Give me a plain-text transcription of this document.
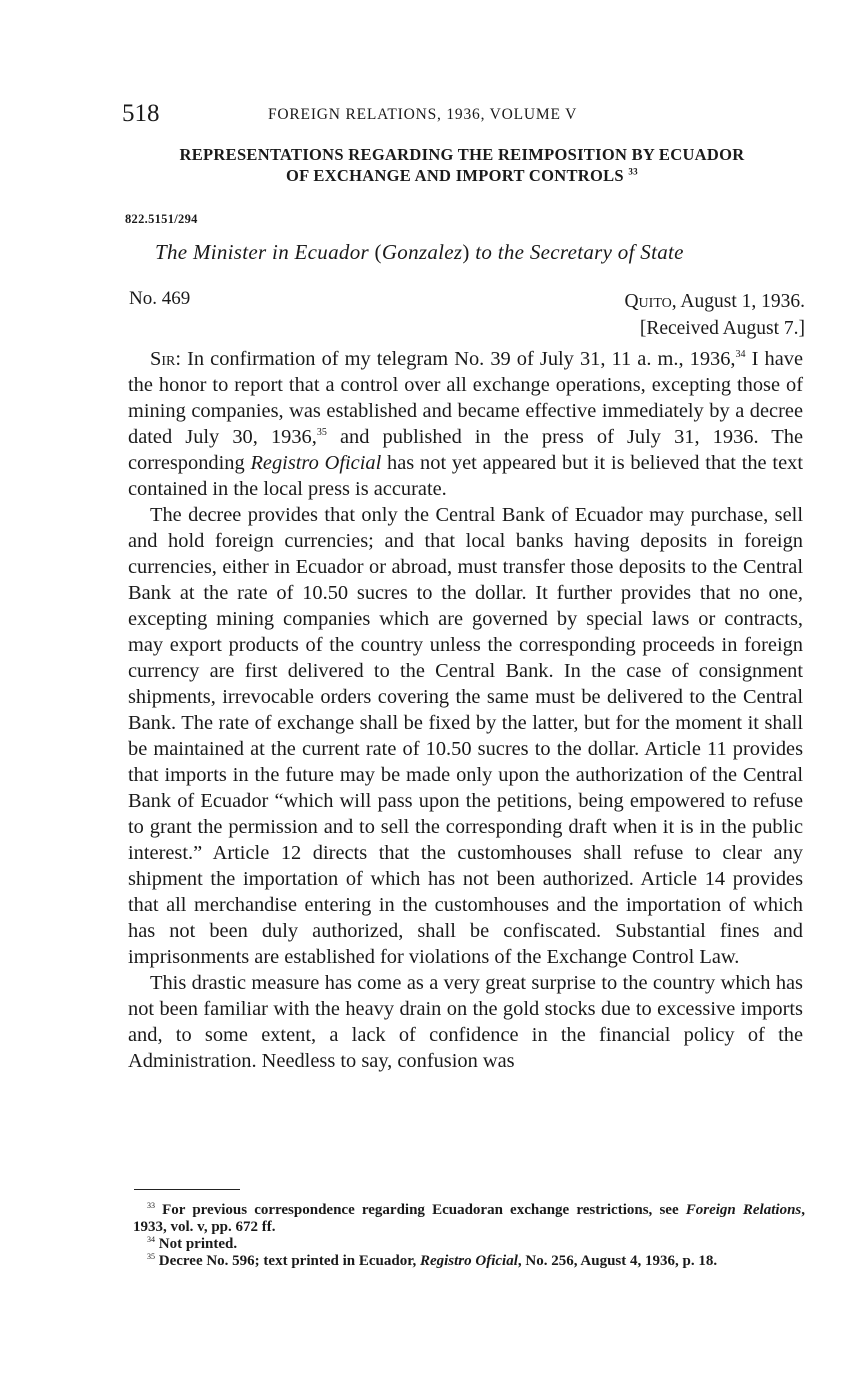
518	FOREIGN RELATIONS, 1936, VOLUME V
REPRESENTATIONS REGARDING THE REIMPOSITION BY ECUADOR
OF EXCHANGE AND IMPORT CONTROLS $^{33}$
822.5151/294
The Minister in Ecuador (Gonzalez) to the Secretary of State
No. 469	Quito, August 1, 1936.
[Received August 7.]

Sir: In confirmation of my telegram No. 39 of July 31, 11 a. m., 1936,34 I have the honor to report that a control over all exchange operations, excepting those of mining companies, was established and became effective immediately by a decree dated July 30, 1936,35 and published in the press of July 31, 1936. The corresponding Registro Oficial has not yet appeared but it is believed that the text contained in the local press is accurate.

The decree provides that only the Central Bank of Ecuador may purchase, sell and hold foreign currencies; and that local banks having deposits in foreign currencies, either in Ecuador or abroad, must transfer those deposits to the Central Bank at the rate of 10.50 sucres to the dollar. It further provides that no one, excepting mining companies which are governed by special laws or contracts, may export products of the country unless the corresponding proceeds in foreign currency are first delivered to the Central Bank. In the case of consignment shipments, irrevocable orders covering the same must be delivered to the Central Bank. The rate of exchange shall be fixed by the latter, but for the moment it shall be maintained at the current rate of 10.50 sucres to the dollar. Article 11 provides that imports in the future may be made only upon the authorization of the Central Bank of Ecuador “which will pass upon the petitions, being empowered to refuse to grant the permission and to sell the corresponding draft when it is in the public interest.” Article 12 directs that the customhouses shall refuse to clear any shipment the importation of which has not been authorized. Article 14 provides that all merchandise entering in the customhouses and the importation of which has not been duly authorized, shall be confiscated. Substantial fines and imprisonments are established for violations of the Exchange Control Law.

This drastic measure has come as a very great surprise to the country which has not been familiar with the heavy drain on the gold stocks due to excessive imports and, to some extent, a lack of confidence in the financial policy of the Administration. Needless to say, confusion was

$^{33}$ For previous correspondence regarding Ecuadoran exchange restrictions, see Foreign Relations, 1933, vol. v, pp. 672 ff.

$^{34}$ Not printed.

$^{35}$ Decree No. 596; text printed in Ecuador, Registro Oficial, No. 256, August 4, 1936, p. 18.
